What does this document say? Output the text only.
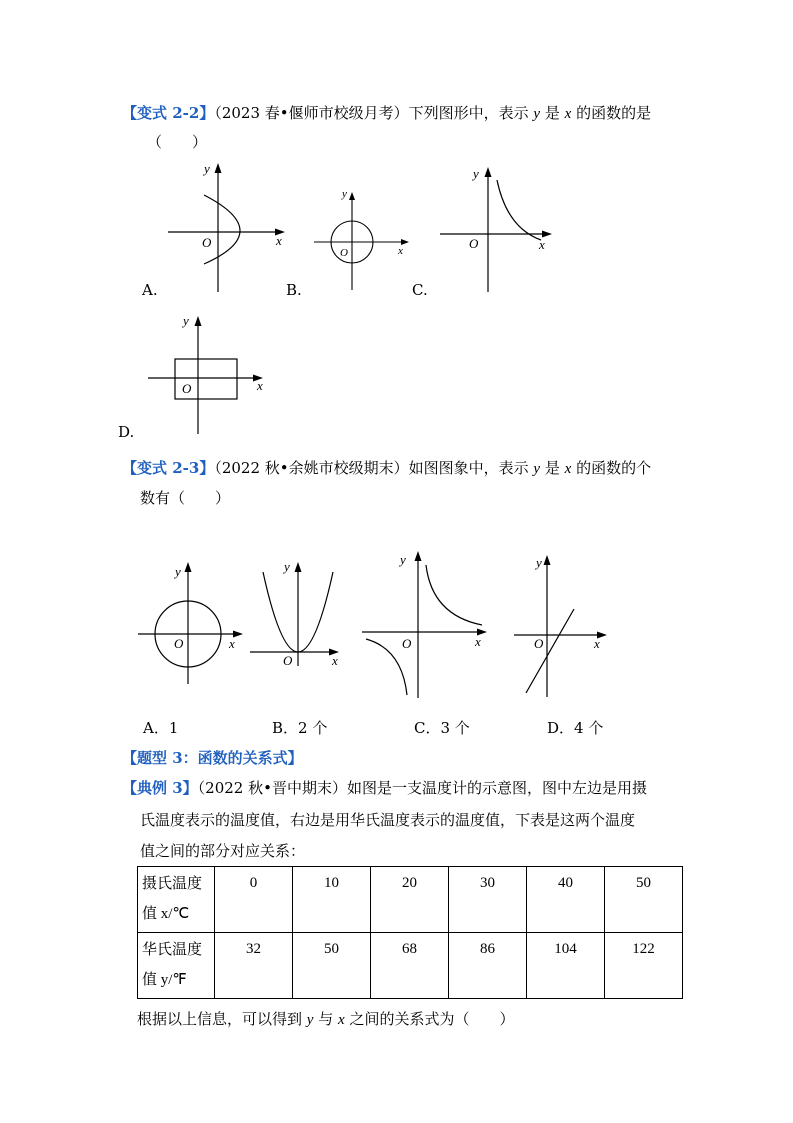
【变式 2-2】（2023 春•偃师市校级月考）下列图形中，表示 y 是 x 的函数的是
（　　）
y
O	x
A.
y
O	x
B.
y
O	x
C.
y
O	x
D.
【变式 2-3】（2022 秋•余姚市校级期末）如图图象中，表示 y 是 x 的函数的个
数有（　　）
y
O	x
y
O	x
y
O	x
y
O	x
A．1	B．2 个	C．3 个	D．4 个
【题型 3：函数的关系式】
【典例 3】（2022 秋•晋中期末）如图是一支温度计的示意图，图中左边是用摄
氏温度表示的温度值，右边是用华氏温度表示的温度值，下表是这两个温度
值之间的部分对应关系：
摄氏温度
值 x/℃	0	10	20	30	40	50
华氏温度
值 y/℉	32	50	68	86	104	122
根据以上信息，可以得到 y 与 x 之间的关系式为（　　）
